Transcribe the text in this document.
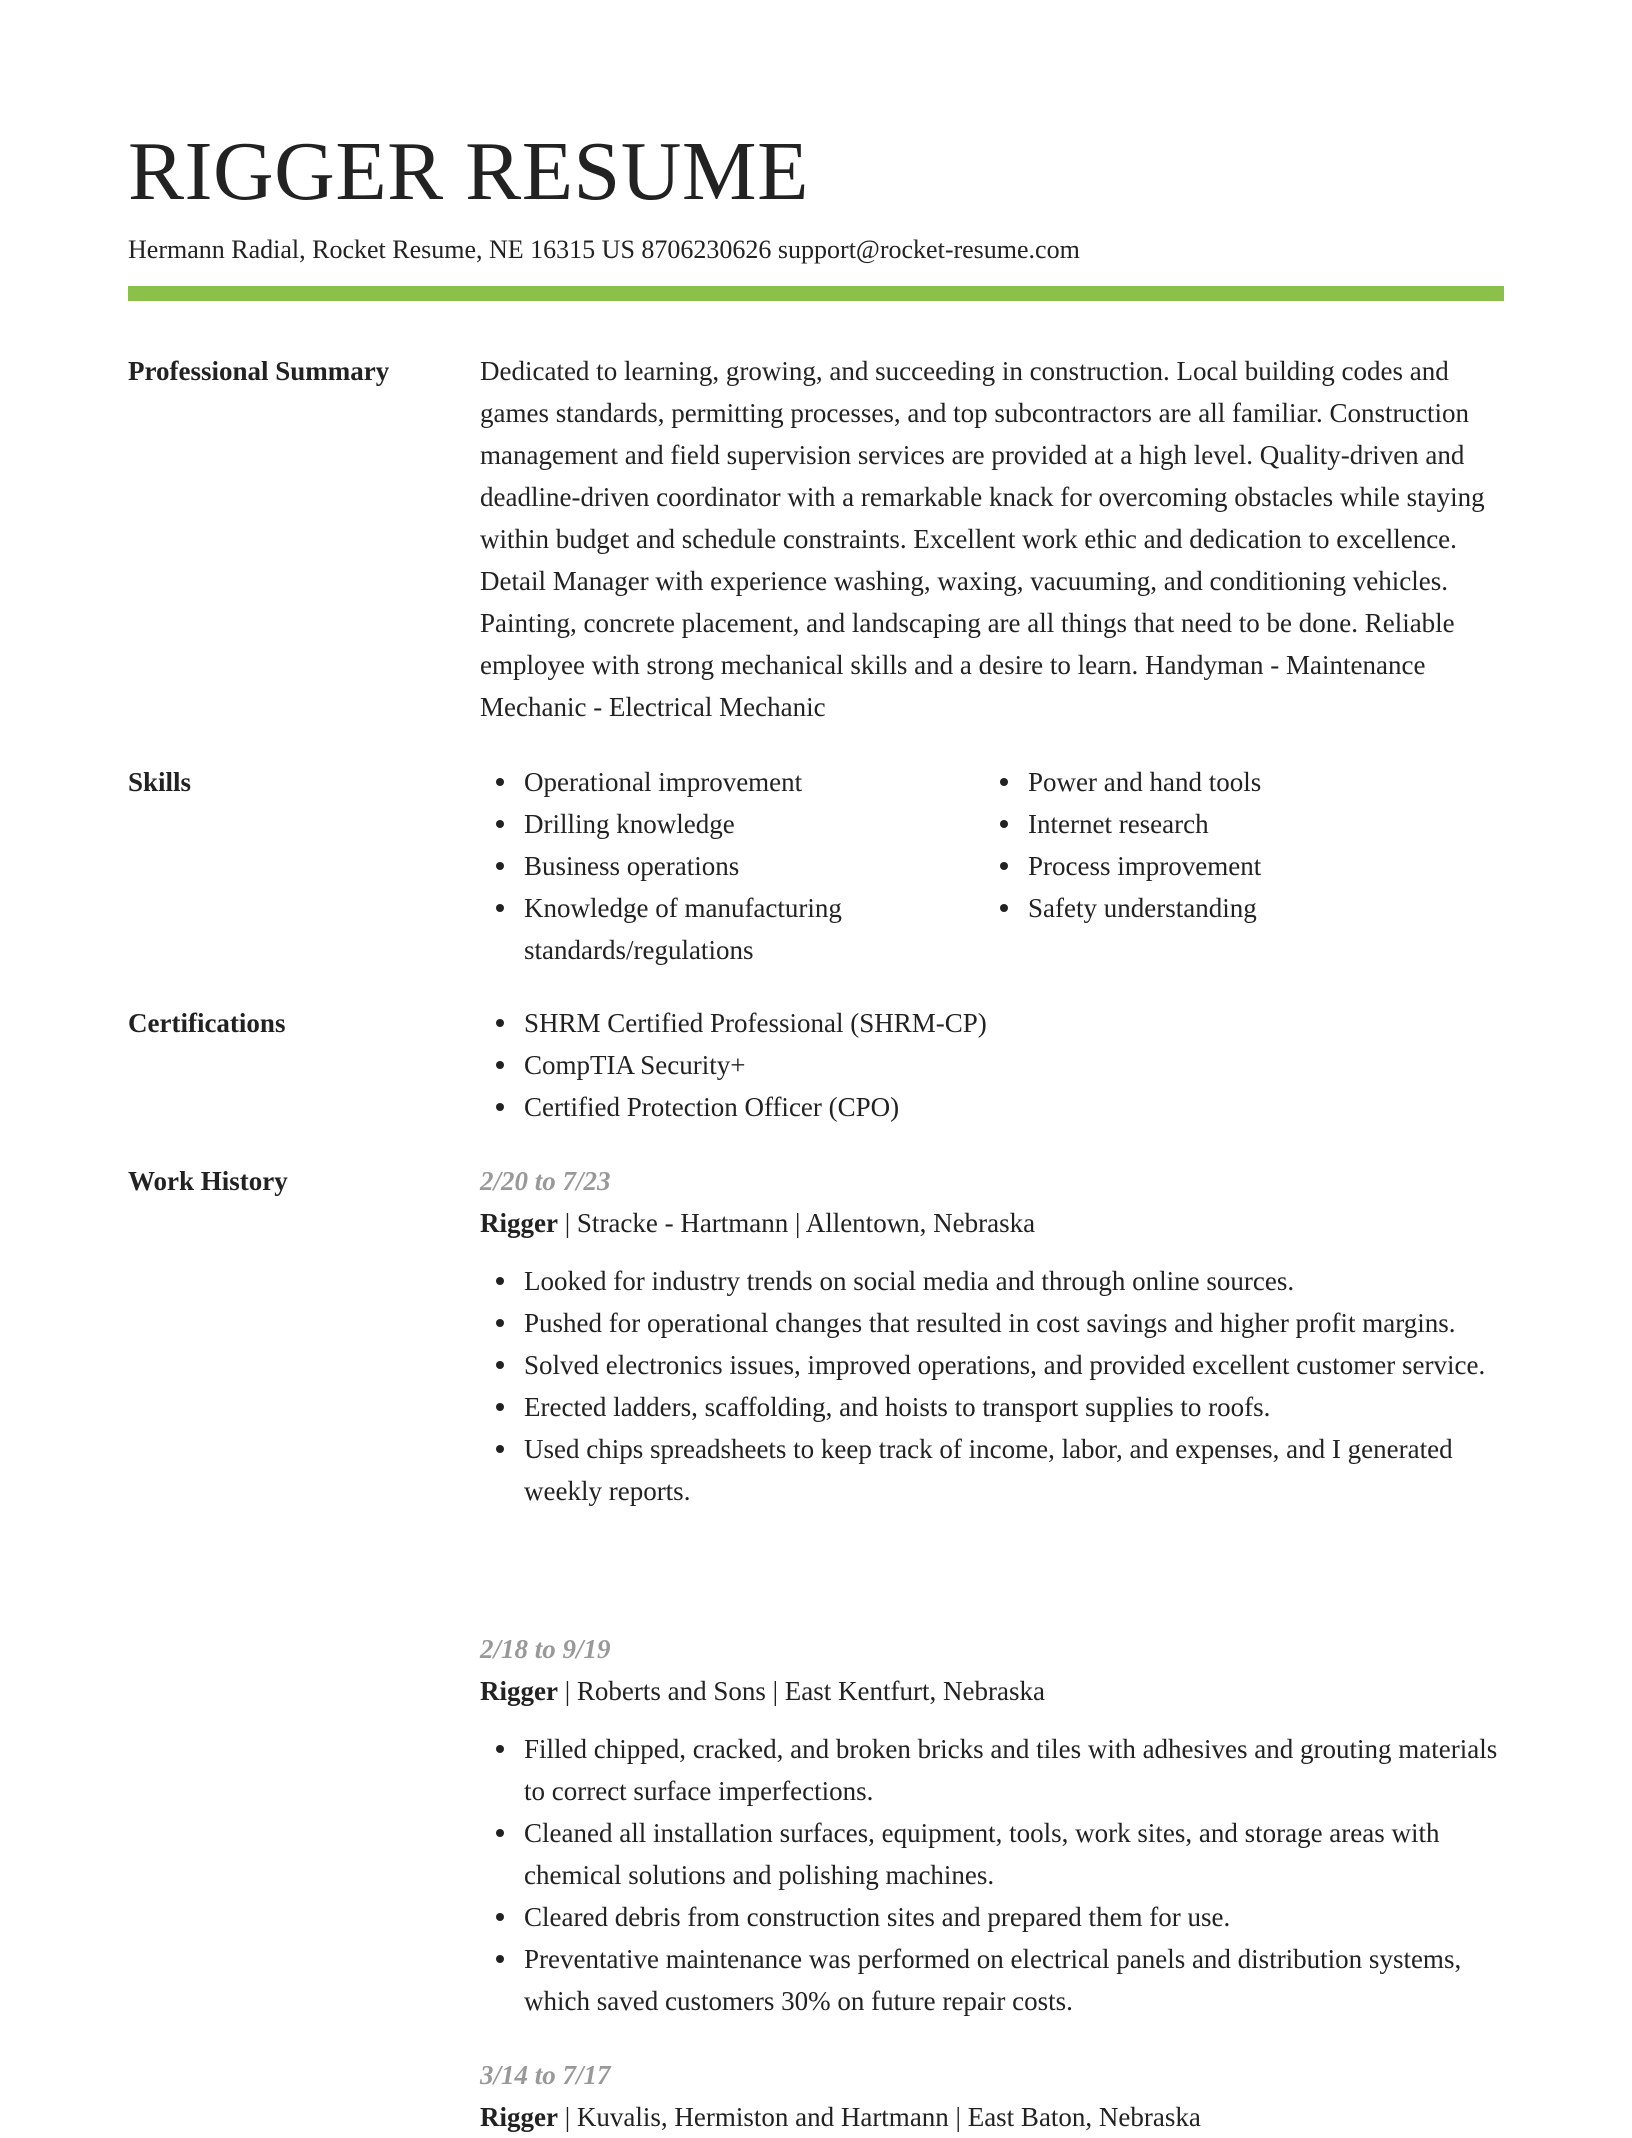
RIGGER RESUME
Hermann Radial, Rocket Resume, NE 16315 US 8706230626 support@rocket-resume.com
Professional Summary	Dedicated to learning, growing, and succeeding in construction. Local building codes and games standards, permitting processes, and top subcontractors are all familiar. Construction management and field supervision services are provided at a high level. Quality-driven and deadline-driven coordinator with a remarkable knack for overcoming obstacles while staying within budget and schedule constraints. Excellent work ethic and dedication to excellence. Detail Manager with experience washing, waxing, vacuuming, and conditioning vehicles. Painting, concrete placement, and landscaping are all things that need to be done. Reliable employee with strong mechanical skills and a desire to learn. Handyman - Maintenance Mechanic - Electrical Mechanic

Skills	Operational improvement
Drilling knowledge
Business operations
Knowledge of manufacturing standards/regulations
Power and hand tools
Internet research
Process improvement
Safety understanding
Certifications	SHRM Certified Professional (SHRM-CP)
CompTIA Security+
Certified Protection Officer (CPO)
Work History	2/20 to 7/23
Rigger | Stracke - Hartmann | Allentown, Nebraska
Looked for industry trends on social media and through online sources.
Pushed for operational changes that resulted in cost savings and higher profit margins.
Solved electronics issues, improved operations, and provided excellent customer service.
Erected ladders, scaffolding, and hoists to transport supplies to roofs.
Used chips spreadsheets to keep track of income, labor, and expenses, and I generated weekly reports.
2/18 to 9/19
Rigger | Roberts and Sons | East Kentfurt, Nebraska
Filled chipped, cracked, and broken bricks and tiles with adhesives and grouting materials to correct surface imperfections.
Cleaned all installation surfaces, equipment, tools, work sites, and storage areas with chemical solutions and polishing machines.
Cleared debris from construction sites and prepared them for use.
Preventative maintenance was performed on electrical panels and distribution systems, which saved customers 30% on future repair costs.
3/14 to 7/17
Rigger | Kuvalis, Hermiston and Hartmann | East Baton, Nebraska
